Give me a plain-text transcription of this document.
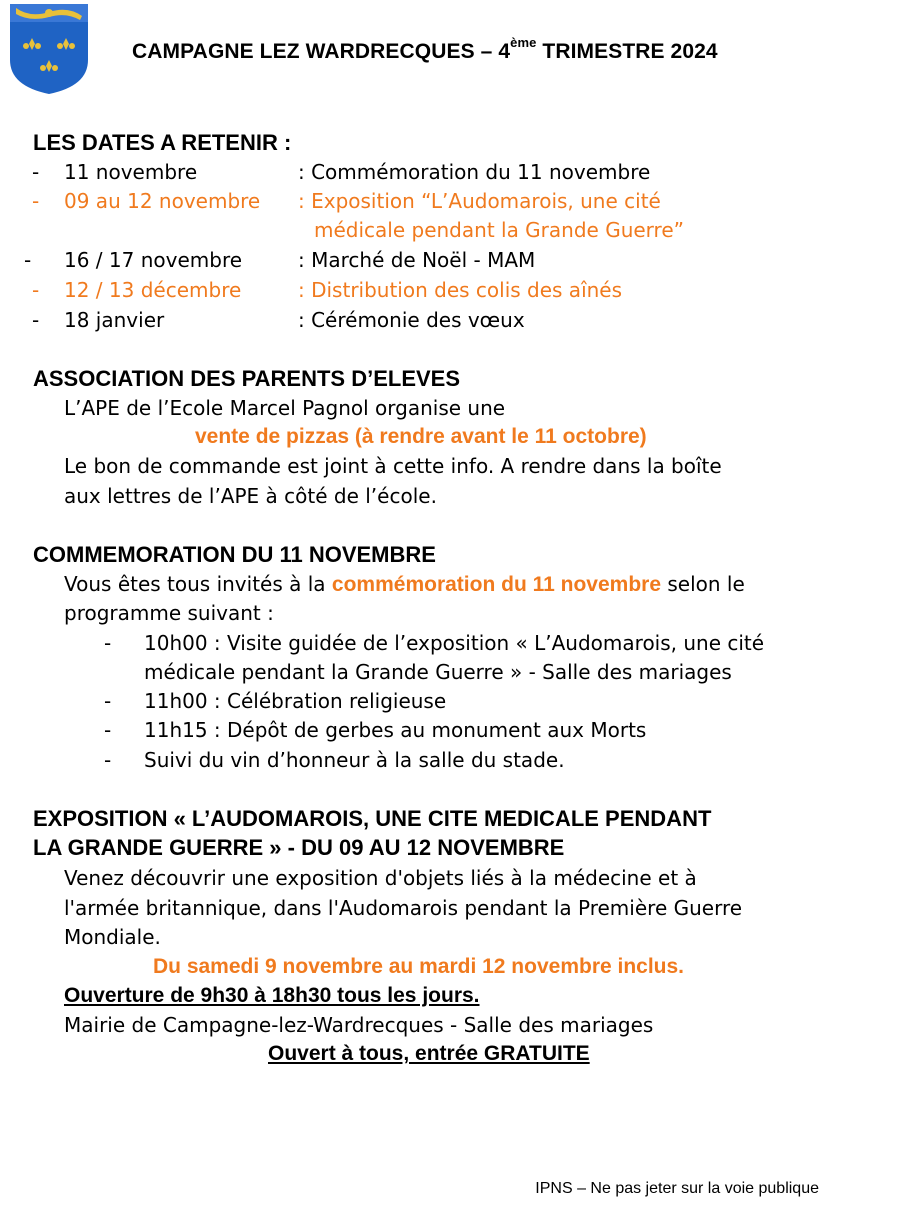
CAMPAGNE LEZ WARDRECQUES – 4ème TRIMESTRE 2024
LES DATES A RETENIR :
- 11 novembre	: Commémoration du 11 novembre
- 09 au 12 novembre : Exposition “L’Audomarois, une cité
médicale pendant la Grande Guerre”
- 16 / 17 novembre	: Marché de Noël - MAM
- 12 / 13 décembre	: Distribution des colis des aînés
- 18 janvier	: Cérémonie des vœux
ASSOCIATION DES PARENTS D’ELEVES
L’APE de l’Ecole Marcel Pagnol organise une
vente de pizzas (à rendre avant le 11 octobre)
Le bon de commande est joint à cette info. A rendre dans la boîte
aux lettres de l’APE à côté de l’école.
COMMEMORATION DU 11 NOVEMBRE
Vous êtes tous invités à la commémoration du 11 novembre selon le
programme suivant :
- 10h00 : Visite guidée de l’exposition « L’Audomarois, une cité
médicale pendant la Grande Guerre » - Salle des mariages
- 11h00 : Célébration religieuse
- 11h15 : Dépôt de gerbes au monument aux Morts
- Suivi du vin d’honneur à la salle du stade.
EXPOSITION « L’AUDOMAROIS, UNE CITE MEDICALE PENDANT
LA GRANDE GUERRE » - DU 09 AU 12 NOVEMBRE
Venez découvrir une exposition d'objets liés à la médecine et à
l'armée britannique, dans l'Audomarois pendant la Première Guerre
Mondiale.
Du samedi 9 novembre au mardi 12 novembre inclus.
Ouverture de 9h30 à 18h30 tous les jours.
Mairie de Campagne-lez-Wardrecques - Salle des mariages
Ouvert à tous, entrée GRATUITE
IPNS – Ne pas jeter sur la voie publique
